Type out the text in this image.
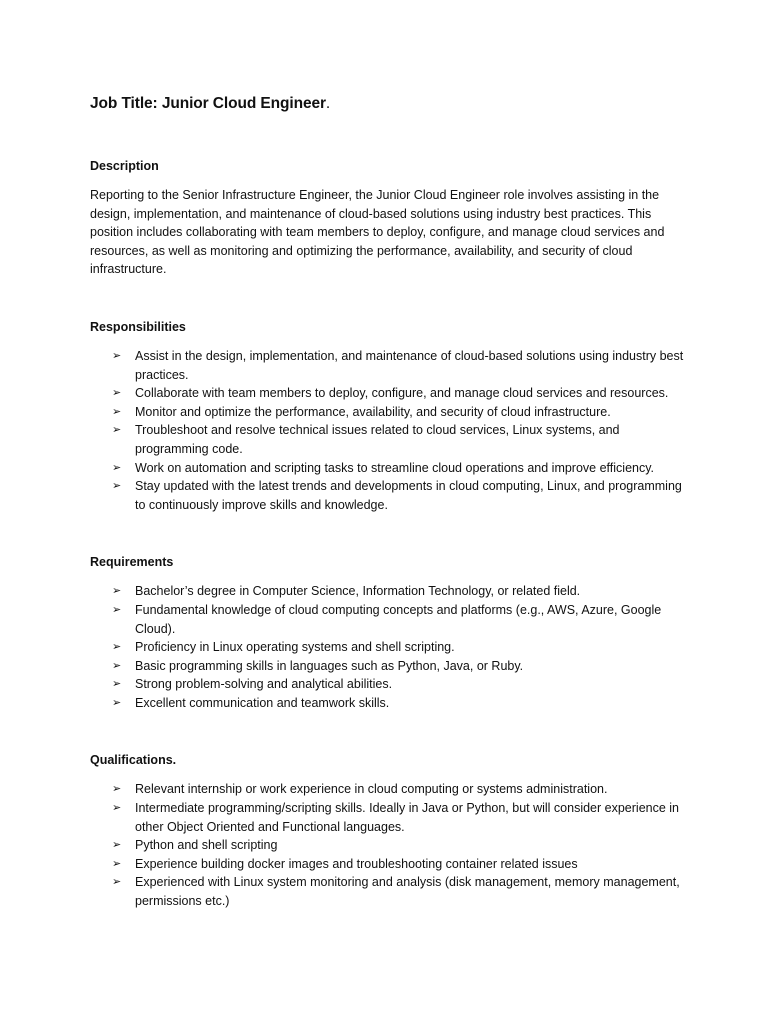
Job Title: Junior Cloud Engineer.
Description

Reporting to the Senior Infrastructure Engineer, the Junior Cloud Engineer role involves assisting in the design, implementation, and maintenance of cloud-based solutions using industry best practices. This position includes collaborating with team members to deploy, configure, and manage cloud services and resources, as well as monitoring and optimizing the performance, availability, and security of cloud infrastructure.

Responsibilities
➢ Assist in the design, implementation, and maintenance of cloud-based solutions using industry best practices.
➢ Collaborate with team members to deploy, configure, and manage cloud services and resources.
➢ Monitor and optimize the performance, availability, and security of cloud infrastructure.
➢ Troubleshoot and resolve technical issues related to cloud services, Linux systems, and programming code.
➢ Work on automation and scripting tasks to streamline cloud operations and improve efficiency.
➢ Stay updated with the latest trends and developments in cloud computing, Linux, and programming to continuously improve skills and knowledge.
Requirements
➢ Bachelor’s degree in Computer Science, Information Technology, or related field.
➢ Fundamental knowledge of cloud computing concepts and platforms (e.g., AWS, Azure, Google Cloud).
➢ Proficiency in Linux operating systems and shell scripting.
➢ Basic programming skills in languages such as Python, Java, or Ruby.
➢ Strong problem-solving and analytical abilities.
➢ Excellent communication and teamwork skills.
Qualifications.
➢ Relevant internship or work experience in cloud computing or systems administration.
➢ Intermediate programming/scripting skills. Ideally in Java or Python, but will consider experience in other Object Oriented and Functional languages.
➢ Python and shell scripting
➢ Experience building docker images and troubleshooting container related issues
➢ Experienced with Linux system monitoring and analysis (disk management, memory management, permissions etc.)
